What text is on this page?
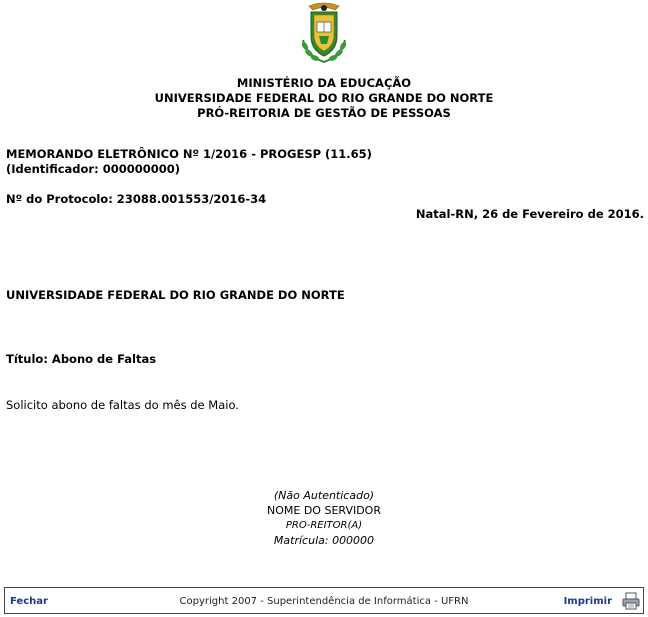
MINISTÉRIO DA EDUCAÇÃO
UNIVERSIDADE FEDERAL DO RIO GRANDE DO NORTE
PRÓ-REITORIA DE GESTÃO DE PESSOAS
MEMORANDO ELETRÔNICO Nº 1/2016 - PROGESP (11.65)
(Identificador: 000000000)
Nº do Protocolo: 23088.001553/2016-34
Natal-RN, 26 de Fevereiro de 2016.
UNIVERSIDADE FEDERAL DO RIO GRANDE DO NORTE
Título: Abono de Faltas
Solicito abono de faltas do mês de Maio.
(Não Autenticado)
NOME DO SERVIDOR
PRO-REITOR(A)
Matrícula: 000000
Fechar	Copyright 2007 - Superintendência de Informática - UFRN	Imprimir
